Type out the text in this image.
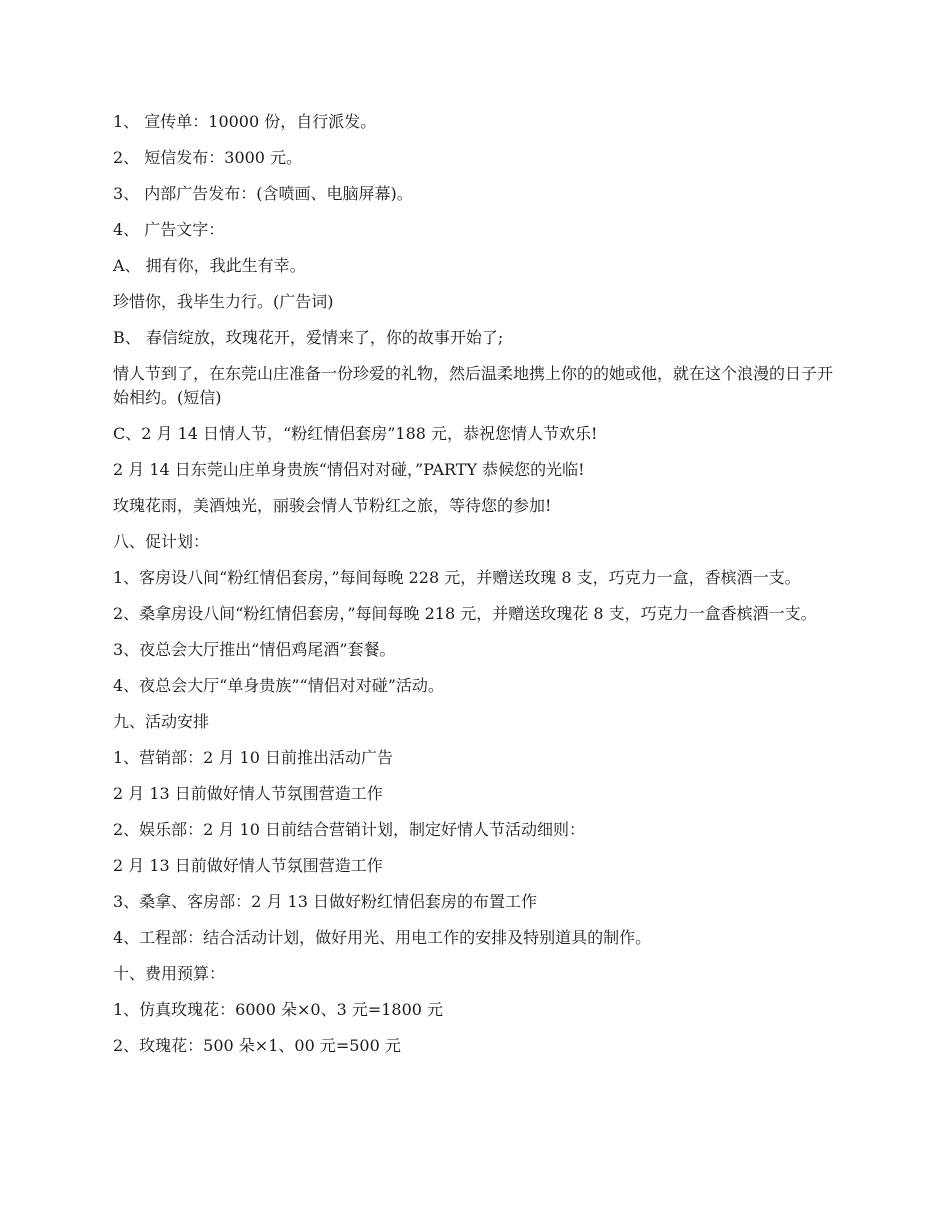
1、 宣传单：10000 份，自行派发。

2、 短信发布：3000 元。

3、 内部广告发布：(含喷画、电脑屏幕)。

4、 广告文字：

A、 拥有你，我此生有幸。

珍惜你，我毕生力行。(广告词)

B、 春信绽放，玫瑰花开，爱情来了，你的故事开始了;

情人节到了，在东莞山庄准备一份珍爱的礼物，然后温柔地携上你的的她或他，就在这个浪漫的日子开始相约。(短信)

C、2 月 14 日情人节，“粉红情侣套房”188 元，恭祝您情人节欢乐!

2 月 14 日东莞山庄单身贵族“情侣对对碰，”PARTY 恭候您的光临!

玫瑰花雨，美酒烛光，丽骏会情人节粉红之旅，等待您的参加!

八、促计划：

1、客房设八间“粉红情侣套房，”每间每晚 228 元，并赠送玫瑰 8 支，巧克力一盒，香槟酒一支。

2、桑拿房设八间“粉红情侣套房，”每间每晚 218 元，并赠送玫瑰花 8 支，巧克力一盒香槟酒一支。

3、夜总会大厅推出“情侣鸡尾酒”套餐。

4、夜总会大厅“单身贵族”“情侣对对碰”活动。

九、活动安排

1、营销部：2 月 10 日前推出活动广告

2 月 13 日前做好情人节氛围营造工作

2、娱乐部：2 月 10 日前结合营销计划，制定好情人节活动细则：

2 月 13 日前做好情人节氛围营造工作

3、桑拿、客房部：2 月 13 日做好粉红情侣套房的布置工作

4、工程部：结合活动计划，做好用光、用电工作的安排及特别道具的制作。

十、费用预算：

1、仿真玫瑰花：6000 朵×0、3 元=1800 元

2、玫瑰花：500 朵×1、00 元=500 元
